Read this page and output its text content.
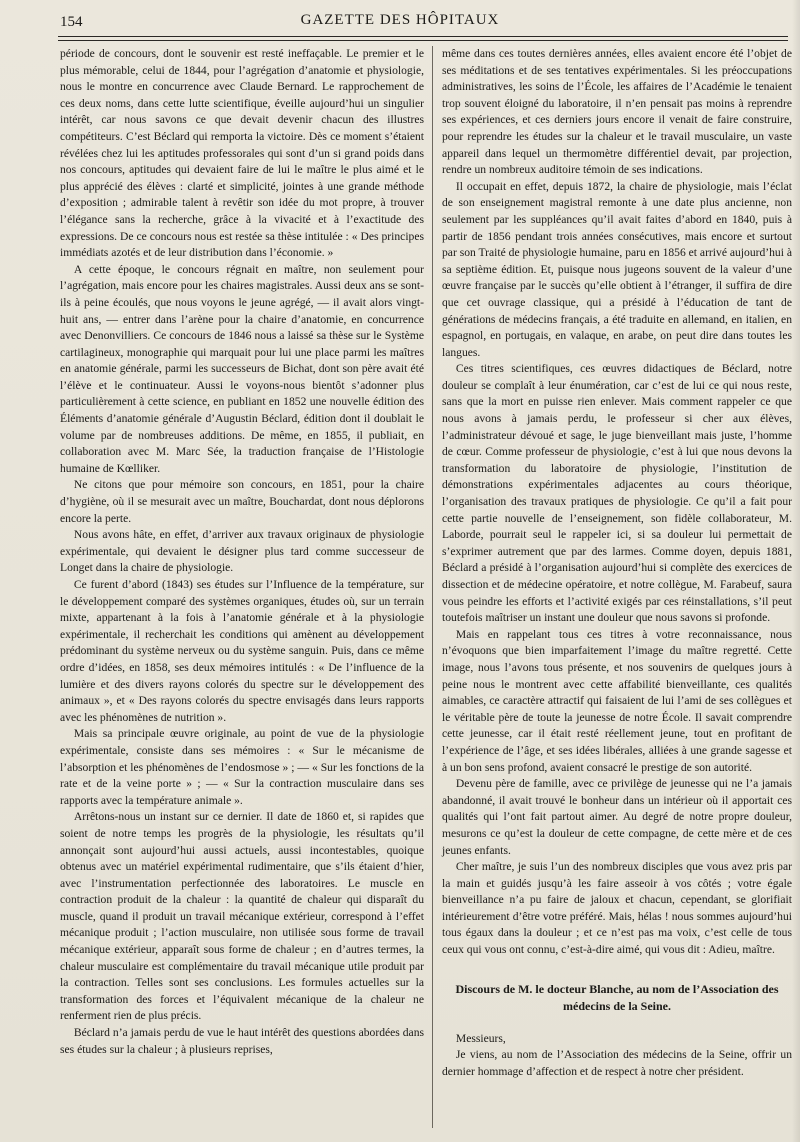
154	GAZETTE DES HÔPITAUX

période de concours, dont le souvenir est resté ineffaçable. Le premier et le plus mémorable, celui de 1844, pour l’agrégation d’anatomie et physiologie, nous le montre en concurrence avec Claude Bernard. Le rapprochement de ces deux noms, dans cette lutte scientifique, éveille aujourd’hui un singulier intérêt, car nous savons ce que devait devenir chacun des illustres compétiteurs. C’est Béclard qui remporta la victoire. Dès ce moment s’étaient révélées chez lui les aptitudes professorales qui sont d’un si grand poids dans nos concours, aptitudes qui devaient faire de lui le maître le plus aimé et le plus apprécié des élèves : clarté et simplicité, jointes à une grande méthode d’exposition ; admirable talent à revêtir son idée du mot propre, à trouver l’élégance sans la recherche, grâce à la vivacité et à l’exactitude des expressions. De ce concours nous est restée sa thèse intitulée : « Des principes immédiats azotés et de leur distribution dans l’économie. »

A cette époque, le concours régnait en maître, non seulement pour l’agrégation, mais encore pour les chaires magistrales. Aussi deux ans se sont-ils à peine écoulés, que nous voyons le jeune agrégé, — il avait alors vingt-huit ans, — entrer dans l’arène pour la chaire d’anatomie, en concurrence avec Denonvilliers. Ce concours de 1846 nous a laissé sa thèse sur le Système cartilagineux, monographie qui marquait pour lui une place parmi les maîtres en anatomie générale, parmi les successeurs de Bichat, dont son père avait été l’élève et le continuateur. Aussi le voyons-nous bientôt s’adonner plus particulièrement à cette science, en publiant en 1852 une nouvelle édition des Éléments d’anatomie générale d’Augustin Béclard, édition dont il doublait le volume par de nombreuses additions. De même, en 1855, il publiait, en collaboration avec M. Marc Sée, la traduction française de l’Histologie humaine de Kœlliker.

Ne citons que pour mémoire son concours, en 1851, pour la chaire d’hygiène, où il se mesurait avec un maître, Bouchardat, dont nous déplorons encore la perte.

Nous avons hâte, en effet, d’arriver aux travaux originaux de physiologie expérimentale, qui devaient le désigner plus tard comme successeur de Longet dans la chaire de physiologie.

Ce furent d’abord (1843) ses études sur l’Influence de la température, sur le développement comparé des systèmes organiques, études où, sur un terrain mixte, appartenant à la fois à l’anatomie générale et à la physiologie expérimentale, il recherchait les conditions qui amènent au développement prédominant du système nerveux ou du système sanguin. Puis, dans ce même ordre d’idées, en 1858, ses deux mémoires intitulés : « De l’influence de la lumière et des divers rayons colorés du spectre sur le développement des animaux », et « Des rayons colorés du spectre envisagés dans leurs rapports avec les phénomènes de nutrition ».

Mais sa principale œuvre originale, au point de vue de la physiologie expérimentale, consiste dans ses mémoires : « Sur le mécanisme de l’absorption et les phénomènes de l’endosmose » ; — « Sur les fonctions de la rate et de la veine porte » ; — « Sur la contraction musculaire dans ses rapports avec la température animale ».

Arrêtons-nous un instant sur ce dernier. Il date de 1860 et, si rapides que soient de notre temps les progrès de la physiologie, les résultats qu’il annonçait sont aujourd’hui aussi actuels, aussi incontestables, quoique obtenus avec un matériel expérimental rudimentaire, que s’ils étaient d’hier, avec l’instrumentation perfectionnée des laboratoires. Le muscle en contraction produit de la chaleur : la quantité de chaleur qui disparaît du muscle, quand il produit un travail mécanique extérieur, correspond à l’effet mécanique produit ; l’action musculaire, non utilisée sous forme de travail mécanique extérieur, apparaît sous forme de chaleur ; en d’autres termes, la chaleur musculaire est complémentaire du travail mécanique utile produit par la contraction. Telles sont ses conclusions. Les formules actuelles sur la transformation des forces et l’équivalent mécanique de la chaleur ne renferment rien de plus précis.

Béclard n’a jamais perdu de vue le haut intérêt des questions abordées dans ses études sur la chaleur ; à plusieurs reprises,

même dans ces toutes dernières années, elles avaient encore été l’objet de ses méditations et de ses tentatives expérimentales. Si les préoccupations administratives, les soins de l’École, les affaires de l’Académie le tenaient trop souvent éloigné du laboratoire, il n’en pensait pas moins à reprendre ses expériences, et ces derniers jours encore il venait de faire construire, pour reprendre les études sur la chaleur et le travail musculaire, un vaste appareil dans lequel un thermomètre différentiel devait, par projection, rendre un nombreux auditoire témoin de ses indications.

Il occupait en effet, depuis 1872, la chaire de physiologie, mais l’éclat de son enseignement magistral remonte à une date plus ancienne, non seulement par les suppléances qu’il avait faites d’abord en 1840, puis à partir de 1856 pendant trois années consécutives, mais encore et surtout par son Traité de physiologie humaine, paru en 1856 et arrivé aujourd’hui à sa septième édition. Et, puisque nous jugeons souvent de la valeur d’une œuvre française par le succès qu’elle obtient à l’étranger, il suffira de dire que cet ouvrage classique, qui a présidé à l’éducation de tant de générations de médecins français, a été traduite en allemand, en italien, en espagnol, en portugais, en valaque, en arabe, on peut dire dans toutes les langues.

Ces titres scientifiques, ces œuvres didactiques de Béclard, notre douleur se complaît à leur énumération, car c’est de lui ce qui nous reste, sans que la mort en puisse rien enlever. Mais comment rappeler ce que nous avons à jamais perdu, le professeur si cher aux élèves, l’administrateur dévoué et sage, le juge bienveillant mais juste, l’homme de cœur. Comme professeur de physiologie, c’est à lui que nous devons la transformation du laboratoire de physiologie, l’institution de démonstrations expérimentales adjacentes au cours théorique, l’organisation des travaux pratiques de physiologie. Ce qu’il a fait pour cette partie nouvelle de l’enseignement, son fidèle collaborateur, M. Laborde, pourrait seul le rappeler ici, si sa douleur lui permettait de s’exprimer autrement que par des larmes. Comme doyen, depuis 1881, Béclard a présidé à l’organisation aujourd’hui si complète des exercices de dissection et de médecine opératoire, et notre collègue, M. Farabeuf, saura vous peindre les efforts et l’activité exigés par ces réinstallations, s’il peut toutefois maîtriser un instant une douleur que nous savons si profonde.

Mais en rappelant tous ces titres à votre reconnaissance, nous n’évoquons que bien imparfaitement l’image du maître regretté. Cette image, nous l’avons tous présente, et nos souvenirs de quelques jours à peine nous le montrent avec cette affabilité bienveillante, ces qualités aimables, ce caractère attractif qui faisaient de lui l’ami de ses collègues et le véritable père de toute la jeunesse de notre École. Il savait comprendre cette jeunesse, car il était resté réellement jeune, tout en profitant de l’expérience de l’âge, et ses idées libérales, alliées à une grande sagesse et à un bon sens profond, avaient consacré le prestige de son autorité.

Devenu père de famille, avec ce privilège de jeunesse qui ne l’a jamais abandonné, il avait trouvé le bonheur dans un intérieur où il apportait ces qualités qui l’ont fait partout aimer. Au degré de notre propre douleur, mesurons ce qu’est la douleur de cette compagne, de cette mère et de ces jeunes enfants.

Cher maître, je suis l’un des nombreux disciples que vous avez pris par la main et guidés jusqu’à les faire asseoir à vos côtés ; votre égale bienveillance n’a pu faire de jaloux et chacun, cependant, se glorifiait intérieurement d’être votre préféré. Mais, hélas ! nous sommes aujourd’hui tous égaux dans la douleur ; et ce n’est pas ma voix, c’est celle de tous ceux qui vous ont connu, c’est-à-dire aimé, qui vous dit : Adieu, maître.

Discours de M. le docteur Blanche, au nom de l’Association des médecins de la Seine.

Messieurs,

Je viens, au nom de l’Association des médecins de la Seine, offrir un dernier hommage d’affection et de respect à notre cher président.
